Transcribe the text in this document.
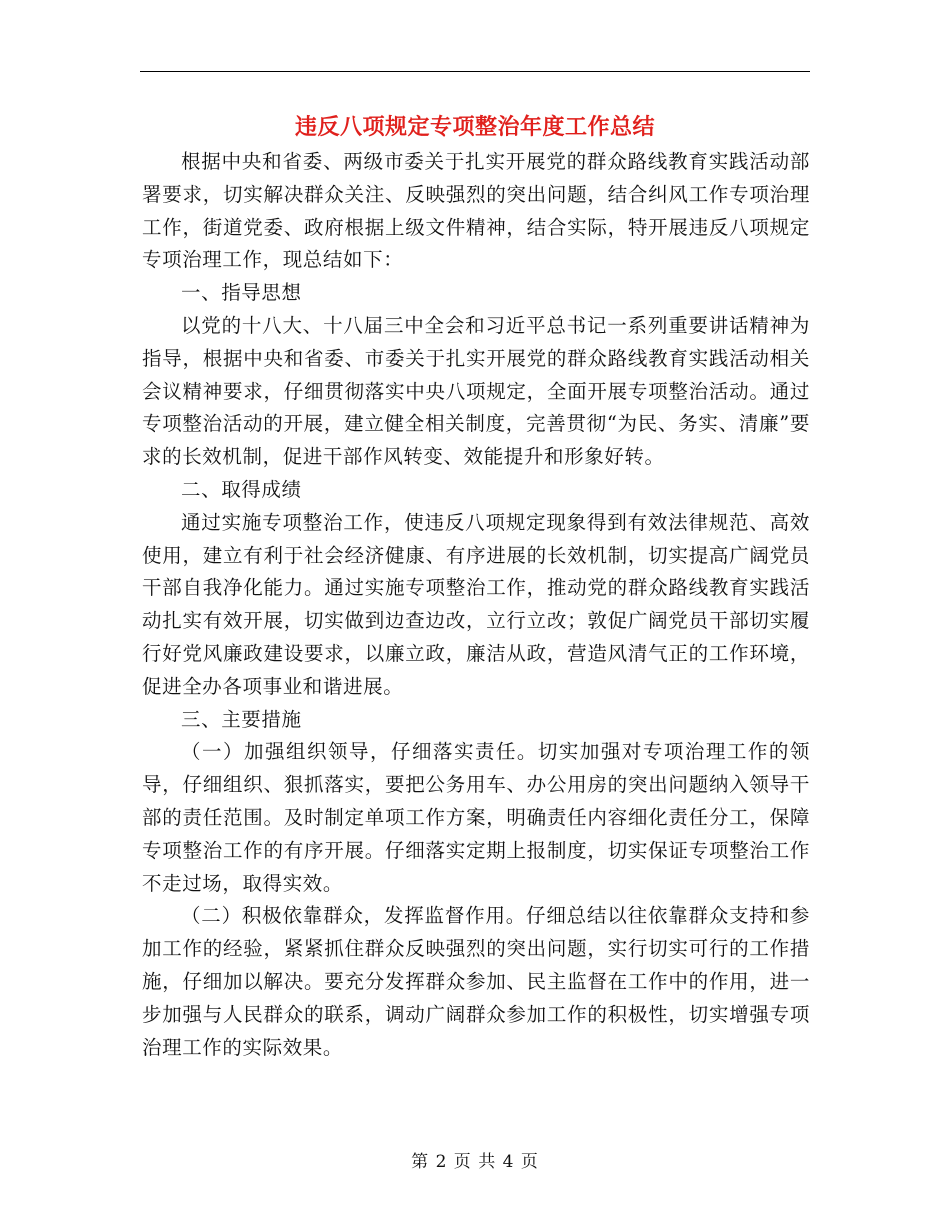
违反八项规定专项整治年度工作总结

根据中央和省委、两级市委关于扎实开展党的群众路线教育实践活动部署要求，切实解决群众关注、反映强烈的突出问题，结合纠风工作专项治理工作，街道党委、政府根据上级文件精神，结合实际，特开展违反八项规定专项治理工作，现总结如下：

一、指导思想

以党的十八大、十八届三中全会和习近平总书记一系列重要讲话精神为指导，根据中央和省委、市委关于扎实开展党的群众路线教育实践活动相关会议精神要求，仔细贯彻落实中央八项规定，全面开展专项整治活动。通过专项整治活动的开展，建立健全相关制度，完善贯彻“为民、务实、清廉”要求的长效机制，促进干部作风转变、效能提升和形象好转。

二、取得成绩

通过实施专项整治工作，使违反八项规定现象得到有效法律规范、高效使用，建立有利于社会经济健康、有序进展的长效机制，切实提高广阔党员干部自我净化能力。通过实施专项整治工作，推动党的群众路线教育实践活动扎实有效开展，切实做到边查边改，立行立改；敦促广阔党员干部切实履行好党风廉政建设要求，以廉立政，廉洁从政，营造风清气正的工作环境，促进全办各项事业和谐进展。

三、主要措施

（一）加强组织领导，仔细落实责任。切实加强对专项治理工作的领导，仔细组织、狠抓落实，要把公务用车、办公用房的突出问题纳入领导干部的责任范围。及时制定单项工作方案，明确责任内容细化责任分工，保障专项整治工作的有序开展。仔细落实定期上报制度，切实保证专项整治工作不走过场，取得实效。

（二）积极依靠群众，发挥监督作用。仔细总结以往依靠群众支持和参加工作的经验，紧紧抓住群众反映强烈的突出问题，实行切实可行的工作措施，仔细加以解决。要充分发挥群众参加、民主监督在工作中的作用，进一步加强与人民群众的联系，调动广阔群众参加工作的积极性，切实增强专项治理工作的实际效果。

第 2 页 共 4 页
